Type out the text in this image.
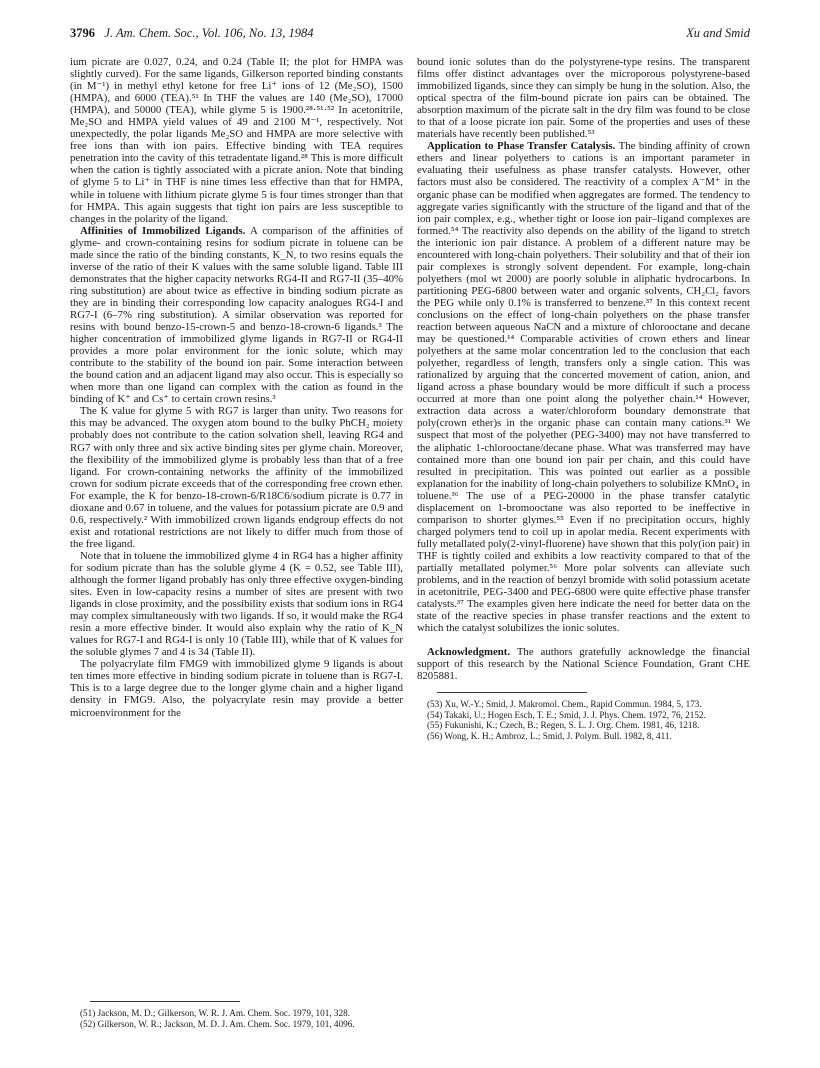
3796 J. Am. Chem. Soc., Vol. 106, No. 13, 1984	Xu and Smid

ium picrate are 0.027, 0.24, and 0.24 (Table II; the plot for HMPA was slightly curved). For the same ligands, Gilkerson reported binding constants (in M⁻¹) in methyl ethyl ketone for free Li⁺ ions of 12 (Me₂SO), 1500 (HMPA), and 6000 (TEA).⁵¹ In THF the values are 140 (Me₂SO), 17000 (HMPA), and 50000 (TEA), while glyme 5 is 1900.²⁸·⁵¹·⁵² In acetonitrile, Me₂SO and HMPA yield values of 49 and 2100 M⁻¹, respectively. Not unexpectedly, the polar ligands Me₂SO and HMPA are more selective with free ions than with ion pairs. Effective binding with TEA requires penetration into the cavity of this tetradentate ligand.²⁸ This is more difficult when the cation is tightly associated with a picrate anion. Note that binding of glyme 5 to Li⁺ in THF is nine times less effective than that for HMPA, while in toluene with lithium picrate glyme 5 is four times stronger than that for HMPA. This again suggests that tight ion pairs are less susceptible to changes in the polarity of the ligand.

Affinities of Immobilized Ligands. A comparison of the affinities of glyme- and crown-containing resins for sodium picrate in toluene can be made since the ratio of the binding constants, K_N, to two resins equals the inverse of the ratio of their K values with the same soluble ligand. Table III demonstrates that the higher capacity networks RG4-II and RG7-II (35–40% ring substitution) are about twice as effective in binding sodium picrate as they are in binding their corresponding low capacity analogues RG4-I and RG7-I (6–7% ring substitution). A similar observation was reported for resins with bound benzo-15-crown-5 and benzo-18-crown-6 ligands.³ The higher concentration of immobilized glyme ligands in RG7-II or RG4-II provides a more polar environment for the ionic solute, which may contribute to the stability of the bound ion pair. Some interaction between the bound cation and an adjacent ligand may also occur. This is especially so when more than one ligand can complex with the cation as found in the binding of K⁺ and Cs⁺ to certain crown resins.³

The K value for glyme 5 with RG7 is larger than unity. Two reasons for this may be advanced. The oxygen atom bound to the bulky PhCH₂ moiety probably does not contribute to the cation solvation shell, leaving RG4 and RG7 with only three and six active binding sites per glyme chain. Moreover, the flexibility of the immobilized glyme is probably less than that of a free ligand. For crown-containing networks the affinity of the immobilized crown for sodium picrate exceeds that of the corresponding free crown ether. For example, the K for benzo-18-crown-6/R18C6/sodium picrate is 0.77 in dioxane and 0.67 in toluene, and the values for potassium picrate are 0.9 and 0.6, respectively.² With immobilized crown ligands endgroup effects do not exist and rotational restrictions are not likely to differ much from those of the free ligand.

Note that in toluene the immobilized glyme 4 in RG4 has a higher affinity for sodium picrate than has the soluble glyme 4 (K = 0.52, see Table III), although the former ligand probably has only three effective oxygen-binding sites. Even in low-capacity resins a number of sites are present with two ligands in close proximity, and the possibility exists that sodium ions in RG4 may complex simultaneously with two ligands. If so, it would make the RG4 resin a more effective binder. It would also explain why the ratio of K_N values for RG7-I and RG4-I is only 10 (Table III), while that of K values for the soluble glymes 7 and 4 is 34 (Table II).

The polyacrylate film FMG9 with immobilized glyme 9 ligands is about ten times more effective in binding sodium picrate in toluene than is RG7-I. This is to a large degree due to the longer glyme chain and a higher ligand density in FMG9. Also, the polyacrylate resin may provide a better microenvironment for the

(51) Jackson, M. D.; Gilkerson, W. R. J. Am. Chem. Soc. 1979, 101, 328.

(52) Gilkerson, W. R.; Jackson, M. D. J. Am. Chem. Soc. 1979, 101, 4096.

bound ionic solutes than do the polystyrene-type resins. The transparent films offer distinct advantages over the microporous polystyrene-based immobilized ligands, since they can simply be hung in the solution. Also, the optical spectra of the film-bound picrate ion pairs can be obtained. The absorption maximum of the picrate salt in the dry film was found to be close to that of a loose picrate ion pair. Some of the properties and uses of these materials have recently been published.⁵³

Application to Phase Transfer Catalysis. The binding affinity of crown ethers and linear polyethers to cations is an important parameter in evaluating their usefulness as phase transfer catalysts. However, other factors must also be considered. The reactivity of a complex A⁻M⁺ in the organic phase can be modified when aggregates are formed. The tendency to aggregate varies significantly with the structure of the ligand and that of the ion pair complex, e.g., whether tight or loose ion pair–ligand complexes are formed.⁵⁴ The reactivity also depends on the ability of the ligand to stretch the interionic ion pair distance. A problem of a different nature may be encountered with long-chain polyethers. Their solubility and that of their ion pair complexes is strongly solvent dependent. For example, long-chain polyethers (mol wt 2000) are poorly soluble in aliphatic hydrocarbons. In partitioning PEG-6800 between water and organic solvents, CH₂Cl₂ favors the PEG while only 0.1% is transferred to benzene.³⁷ In this context recent conclusions on the effect of long-chain polyethers on the phase transfer reaction between aqueous NaCN and a mixture of chlorooctane and decane may be questioned.¹⁴ Comparable activities of crown ethers and linear polyethers at the same molar concentration led to the conclusion that each polyether, regardless of length, transfers only a single cation. This was rationalized by arguing that the concerted movement of cation, anion, and ligand across a phase boundary would be more difficult if such a process occurred at more than one point along the polyether chain.¹⁴ However, extraction data across a water/chloroform boundary demonstrate that poly(crown ether)s in the organic phase can contain many cations.³¹ We suspect that most of the polyether (PEG-3400) may not have transferred to the aliphatic 1-chlorooctane/decane phase. What was transferred may have contained more than one bound ion pair per chain, and this could have resulted in precipitation. This was pointed out earlier as a possible explanation for the inability of long-chain polyethers to solubilize KMnO₄ in toluene.³⁶ The use of a PEG-20000 in the phase transfer catalytic displacement on 1-bromooctane was also reported to be ineffective in comparison to shorter glymes.⁵⁵ Even if no precipitation occurs, highly charged polymers tend to coil up in apolar media. Recent experiments with fully metallated poly(2-vinyl-fluorene) have shown that this poly(ion pair) in THF is tightly coiled and exhibits a low reactivity compared to that of the partially metallated polymer.⁵⁶ More polar solvents can alleviate such problems, and in the reaction of benzyl bromide with solid potassium acetate in acetonitrile, PEG-3400 and PEG-6800 were quite effective phase transfer catalysts.³⁷ The examples given here indicate the need for better data on the state of the reactive species in phase transfer reactions and the extent to which the catalyst solubilizes the ionic solutes.

Acknowledgment. The authors gratefully acknowledge the financial support of this research by the National Science Foundation, Grant CHE 8205881.

(53) Xu, W.-Y.; Smid, J. Makromol. Chem., Rapid Commun. 1984, 5, 173.

(54) Takaki, U.; Hogen Esch, T. E.; Smid, J. J. Phys. Chem. 1972, 76, 2152.

(55) Fukunishi, K.; Czech, B.; Regen, S. L. J. Org. Chem. 1981, 46, 1218.

(56) Wong, K. H.; Ambroz, L.; Smid, J. Polym. Bull. 1982, 8, 411.
